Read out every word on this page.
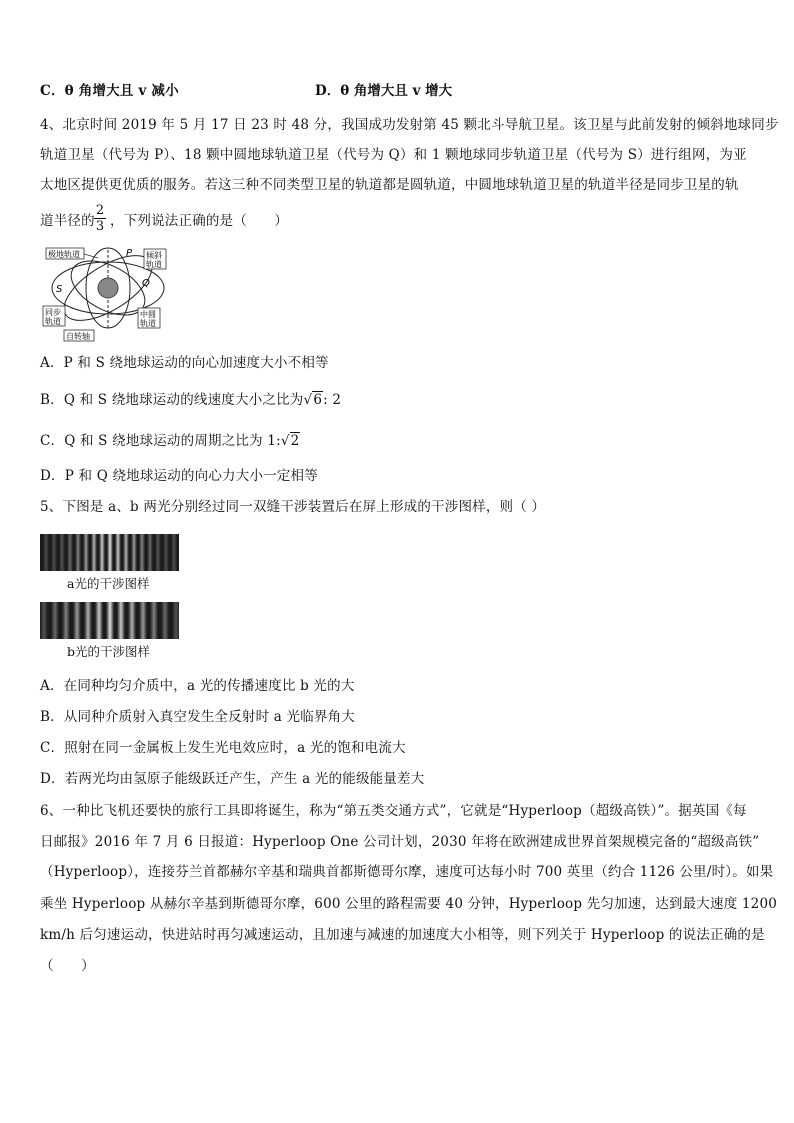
C．θ 角增大且 v 减小	D．θ 角增大且 v 增大
4、北京时间 2019 年 5 月 17 日 23 时 48 分，我国成功发射第 45 颗北斗导航卫星。该卫星与此前发射的倾斜地球同步
轨道卫星（代号为 P）、18 颗中圆地球轨道卫星（代号为 Q）和 1 颗地球同步轨道卫星（代号为 S）进行组网，为亚
太地区提供更优质的服务。若这三种不同类型卫星的轨道都是圆轨道，中圆地球轨道卫星的轨道半径是同步卫星的轨
道半径的
2
3 ，下列说法正确的是（　　）
极地轨道	倾斜
轨道
同步
轨道
中圆
轨道
自转轴
P
Q
S
A．P 和 S 绕地球运动的向心加速度大小不相等
B．Q 和 S 绕地球运动的线速度大小之比为√6: 2
C．Q 和 S 绕地球运动的周期之比为 1:√2
D．P 和 Q 绕地球运动的向心力大小一定相等
5、下图是 a、b 两光分别经过同一双缝干涉装置后在屏上形成的干涉图样，则（ ）
a光的干涉图样
b光的干涉图样
A．在同种均匀介质中，a 光的传播速度比 b 光的大
B．从同种介质射入真空发生全反射时 a 光临界角大
C．照射在同一金属板上发生光电效应时，a 光的饱和电流大
D．若两光均由氢原子能级跃迁产生，产生 a 光的能级能量差大
6、一种比飞机还要快的旅行工具即将诞生，称为“第五类交通方式”，它就是“Hyperloop（超级高铁）”。据英国《每
日邮报》2016 年 7 月 6 日报道：Hyperloop One 公司计划，2030 年将在欧洲建成世界首架规模完备的“超级高铁”
（Hyperloop），连接芬兰首都赫尔辛基和瑞典首都斯德哥尔摩，速度可达每小时 700 英里（约合 1126 公里/时）。如果
乘坐 Hyperloop 从赫尔辛基到斯德哥尔摩，600 公里的路程需要 40 分钟，Hyperloop 先匀加速，达到最大速度 1200
km/h 后匀速运动，快进站时再匀减速运动，且加速与减速的加速度大小相等，则下列关于 Hyperloop 的说法正确的是
（　　）
